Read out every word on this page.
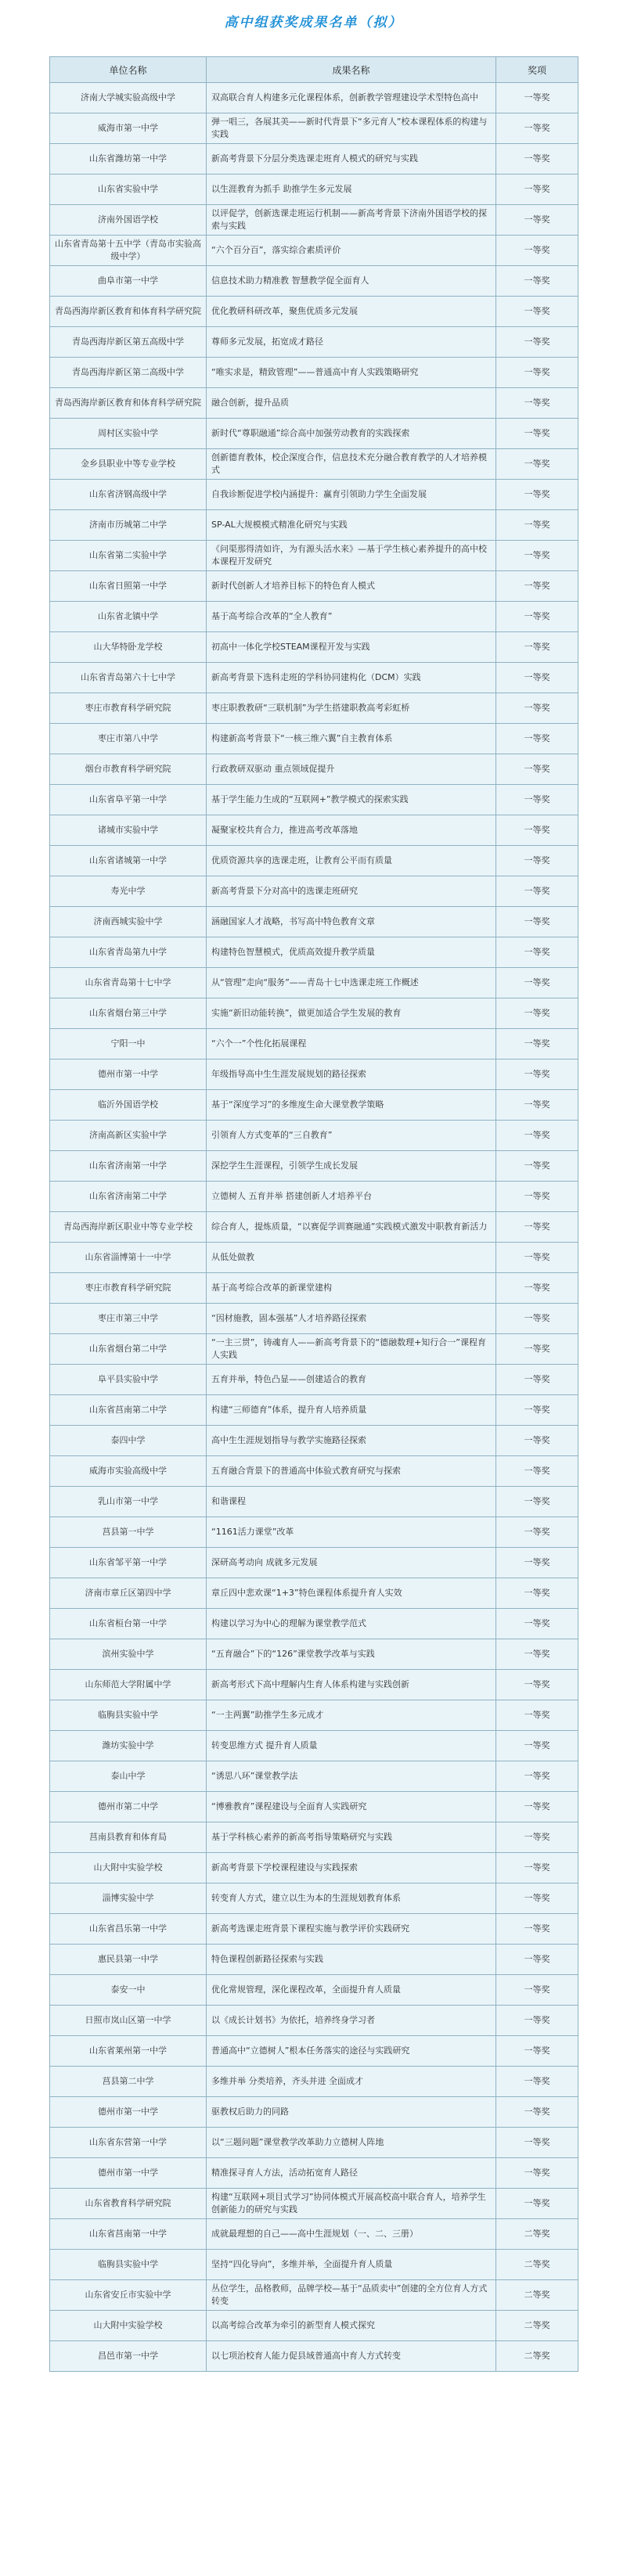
高中组获奖成果名单（拟）
单位名称	成果名称	奖项
济南大学城实验高级中学	双高联合育人构建多元化课程体系，创新教学管理建设学术型特色高中	一等奖
威海市第一中学	弹一唱三，各展其美——新时代背景下“多元育人”校本课程体系的构建与实践	一等奖
山东省潍坊第一中学	新高考背景下分层分类选课走班育人模式的研究与实践	一等奖
山东省实验中学	以生涯教育为抓手 助推学生多元发展	一等奖
济南外国语学校	以评促学，创新选课走班运行机制——新高考背景下济南外国语学校的探索与实践	一等奖
山东省青岛第十五中学（青岛市实验高级中学）	“六个百分百”，落实综合素质评价	一等奖
曲阜市第一中学	信息技术助力精准教 智慧教学促全面育人	一等奖
青岛西海岸新区教育和体育科学研究院	优化教研科研改革，聚焦优质多元发展	一等奖
青岛西海岸新区第五高级中学	尊师多元发展，拓宽成才路径	一等奖
青岛西海岸新区第二高级中学	“唯实求是，精致管理”——普通高中育人实践策略研究	一等奖
青岛西海岸新区教育和体育科学研究院	融合创新，提升品质	一等奖
周村区实验中学	新时代“尊职融通”综合高中加强劳动教育的实践探索	一等奖
金乡县职业中等专业学校	创新德育教体，校企深度合作，信息技术充分融合教育教学的人才培养模式	一等奖
山东省济钢高级中学	自我诊断促进学校内涵提升：赢育引领助力学生全面发展	一等奖
济南市历城第二中学	SP-AL大规模模式精准化研究与实践	一等奖
山东省第二实验中学	《问渠那得清如许，为有源头活水来》—基于学生核心素养提升的高中校本课程开发研究	一等奖
山东省日照第一中学	新时代创新人才培养目标下的特色育人模式	一等奖
山东省北镇中学	基于高考综合改革的“全人教育”	一等奖
山大华特卧龙学校	初高中一体化学校STEAM课程开发与实践	一等奖
山东省青岛第六十七中学	新高考背景下选科走班的学科协同建构化（DCM）实践	一等奖
枣庄市教育科学研究院	枣庄职教教研“三联机制”为学生搭建职教高考彩虹桥	一等奖
枣庄市第八中学	构建新高考背景下“一核三维六翼”自主教育体系	一等奖
烟台市教育科学研究院	行政教研双驱动 重点领域促提升	一等奖
山东省阜平第一中学	基于学生能力生成的“互联网+”教学模式的探索实践	一等奖
诸城市实验中学	凝聚家校共育合力，推进高考改革落地	一等奖
山东省诸城第一中学	优质资源共享的选课走班，让教育公平而有质量	一等奖
寿光中学	新高考背景下分对高中的选课走班研究	一等奖
济南西城实验中学	涵融国家人才战略，书写高中特色教育文章	一等奖
山东省青岛第九中学	构建特色智慧模式，优质高效提升教学质量	一等奖
山东省青岛第十七中学	从“管理”走向“服务”——青岛十七中选课走班工作概述	一等奖
山东省烟台第三中学	实施“新旧动能转换”，做更加适合学生发展的教育	一等奖
宁阳一中	“六个一”个性化拓展课程	一等奖
德州市第一中学	年级指导高中生生涯发展规划的路径探索	一等奖
临沂外国语学校	基于“深度学习”的多维度生命大课堂教学策略	一等奖
济南高新区实验中学	引领育人方式变革的“三自教育”	一等奖
山东省济南第一中学	深挖学生生涯课程，引领学生成长发展	一等奖
山东省济南第二中学	立德树人 五育并举 搭建创新人才培养平台	一等奖
青岛西海岸新区职业中等专业学校	综合育人，提炼质量，“以赛促学训赛融通”实践模式激发中职教育新活力	一等奖
山东省淄博第十一中学	从低处做教	一等奖
枣庄市教育科学研究院	基于高考综合改革的新课堂建构	一等奖
枣庄市第三中学	“因材施教，固本强基”人才培养路径探索	一等奖
山东省烟台第二中学	“一主三贯”，铸魂育人——新高考背景下的“德融数理+知行合一”课程育人实践	一等奖
阜平县实验中学	五育并举，特色凸显——创建适合的教育	一等奖
山东省莒南第二中学	构建“三师德育”体系，提升育人培养质量	一等奖
泰四中学	高中生生涯规划指导与教学实施路径探索	一等奖
威海市实验高级中学	五育融合背景下的普通高中体验式教育研究与探索	一等奖
乳山市第一中学	和谐课程	一等奖
莒县第一中学	“1161活力课堂”改革	一等奖
山东省邹平第一中学	深研高考动向 成就多元发展	一等奖
济南市章丘区第四中学	章丘四中悲欢课“1+3”特色课程体系提升育人实效	一等奖
山东省桓台第一中学	构建以学习为中心的理解为课堂教学范式	一等奖
滨州实验中学	“五育融合”下的“126”课堂教学改革与实践	一等奖
山东师范大学附属中学	新高考形式下高中理解内生育人体系构建与实践创新	一等奖
临朐县实验中学	“一主两翼”助推学生多元成才	一等奖
潍坊实验中学	转变思维方式 提升育人质量	一等奖
泰山中学	“诱思八环”课堂教学法	一等奖
德州市第二中学	“博雅教育”课程建设与全面育人实践研究	一等奖
莒南县教育和体育局	基于学科核心素养的新高考指导策略研究与实践	一等奖
山大附中实验学校	新高考背景下学校课程建设与实践探索	一等奖
淄博实验中学	转变育人方式，建立以生为本的生涯规划教育体系	一等奖
山东省昌乐第一中学	新高考选课走班背景下课程实施与教学评价实践研究	一等奖
惠民县第一中学	特色课程创新路径探索与实践	一等奖
泰安一中	优化常规管理，深化课程改革，全面提升育人质量	一等奖
日照市岚山区第一中学	以《成长计划书》为依托，培养终身学习者	一等奖
山东省莱州第一中学	普通高中“立德树人”根本任务落实的途径与实践研究	一等奖
莒县第二中学	多维并举 分类培养，齐头并进 全面成才	一等奖
德州市第一中学	驱教权后助力的同路	一等奖
山东省东营第一中学	以“三题问题”课堂教学改革助力立德树人阵地	一等奖
德州市第一中学	精准探寻育人方法，活动拓宽育人路径	一等奖
山东省教育科学研究院	构建“互联网+项目式学习”协同体模式开展高校高中联合育人，培养学生创新能力的研究与实践	一等奖
山东省莒南第一中学	成就最理想的自己——高中生涯规划（一、二、三册）	二等奖
临朐县实验中学	坚持“四化导向”，多维并举，全面提升育人质量	二等奖
山东省安丘市实验中学	丛位学生，品格教师，品牌学校—基于“品质卖中”创建的全方位育人方式转变	二等奖
山大附中实验学校	以高考综合改革为牵引的新型育人模式探究	二等奖
昌邑市第一中学	以七项治校育人能力促县域普通高中育人方式转变	二等奖
